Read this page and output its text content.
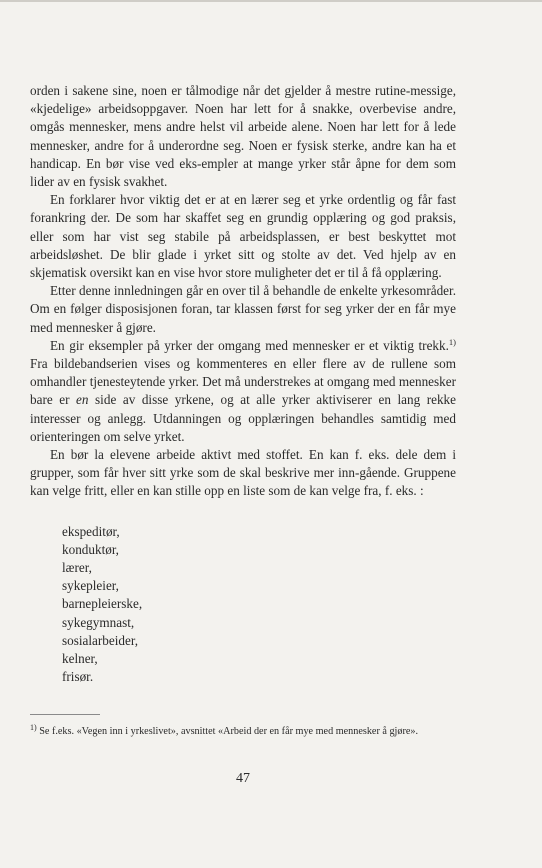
orden i sakene sine, noen er tålmodige når det gjelder å mestre rutine-messige, «kjedelige» arbeidsoppgaver. Noen har lett for å snakke, overbevise andre, omgås mennesker, mens andre helst vil arbeide alene. Noen har lett for å lede mennesker, andre for å underordne seg. Noen er fysisk sterke, andre kan ha et handicap. En bør vise ved eks-empler at mange yrker står åpne for dem som lider av en fysisk svakhet.

En forklarer hvor viktig det er at en lærer seg et yrke ordentlig og får fast forankring der. De som har skaffet seg en grundig opplæring og god praksis, eller som har vist seg stabile på arbeidsplassen, er best beskyttet mot arbeidsløshet. De blir glade i yrket sitt og stolte av det. Ved hjelp av en skjematisk oversikt kan en vise hvor store muligheter det er til å få opplæring.

Etter denne innledningen går en over til å behandle de enkelte yrkesområder. Om en følger disposisjonen foran, tar klassen først for seg yrker der en får mye med mennesker å gjøre.

En gir eksempler på yrker der omgang med mennesker er et viktig trekk.$^{1)}$ Fra bildebandserien vises og kommenteres en eller flere av de rullene som omhandler tjenesteytende yrker. Det må understrekes at omgang med mennesker bare er en side av disse yrkene, og at alle yrker aktiviserer en lang rekke interesser og anlegg. Utdanningen og opplæringen behandles samtidig med orienteringen om selve yrket.

En bør la elevene arbeide aktivt med stoffet. En kan f. eks. dele dem i grupper, som får hver sitt yrke som de skal beskrive mer inn-gående. Gruppene kan velge fritt, eller en kan stille opp en liste som de kan velge fra, f. eks. :

ekspeditør,
konduktør,
lærer,
sykepleier,
barnepleierske,
sykegymnast,
sosialarbeider,
kelner,
frisør.

$^{1)}$ Se f.eks. «Vegen inn i yrkeslivet», avsnittet «Arbeid der en får mye med mennesker å gjøre».

47
